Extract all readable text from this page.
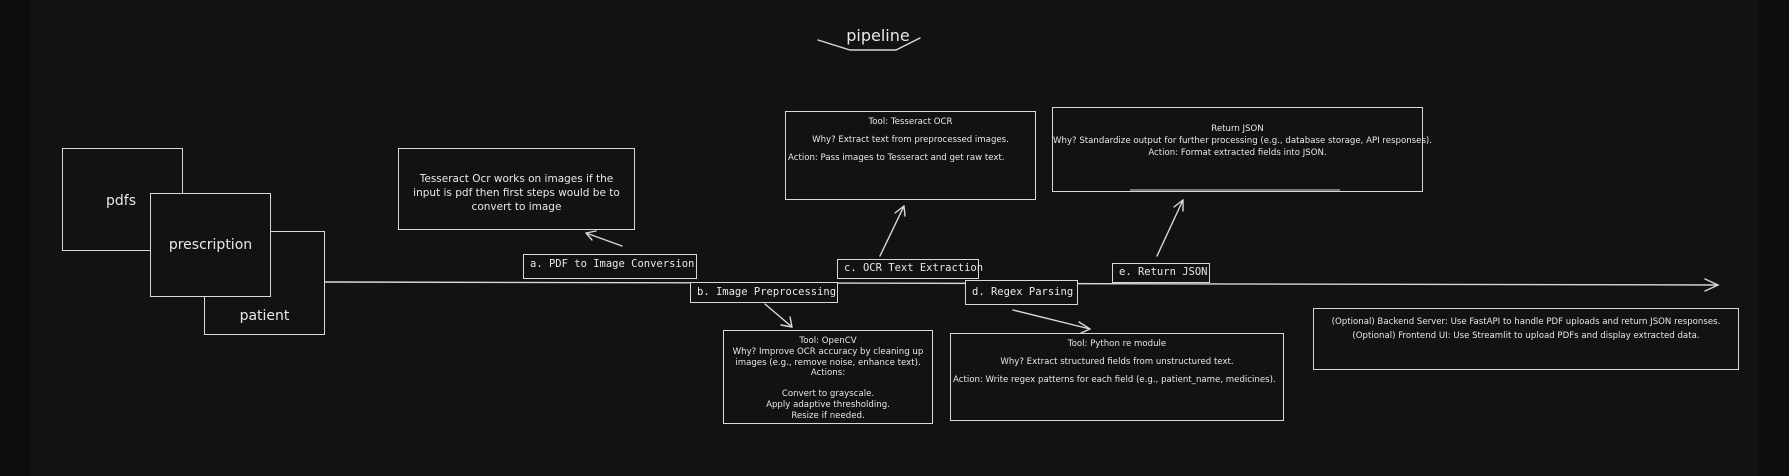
pipeline
patient
pdfs
prescription
Tesseract Ocr works on images if the input is pdf then first steps would be to convert to image
Tool: Tesseract OCR
Why? Extract text from preprocessed images.
Action: Pass images to Tesseract and get raw text.
Return JSON
Why? Standardize output for further processing (e.g., database storage, API responses).
Action: Format extracted fields into JSON.
a. PDF to Image Conversion
b. Image Preprocessing
c. OCR Text Extraction
d. Regex Parsing
e. Return JSON
Tool: OpenCV
Why? Improve OCR accuracy by cleaning up
images (e.g., remove noise, enhance text).
Actions:
Convert to grayscale.
Apply adaptive thresholding.
Resize if needed.
Tool: Python re module
Why? Extract structured fields from unstructured text.
Action: Write regex patterns for each field (e.g., patient_name, medicines).
(Optional) Backend Server: Use FastAPI to handle PDF uploads and return JSON responses.
(Optional) Frontend UI: Use Streamlit to upload PDFs and display extracted data.
